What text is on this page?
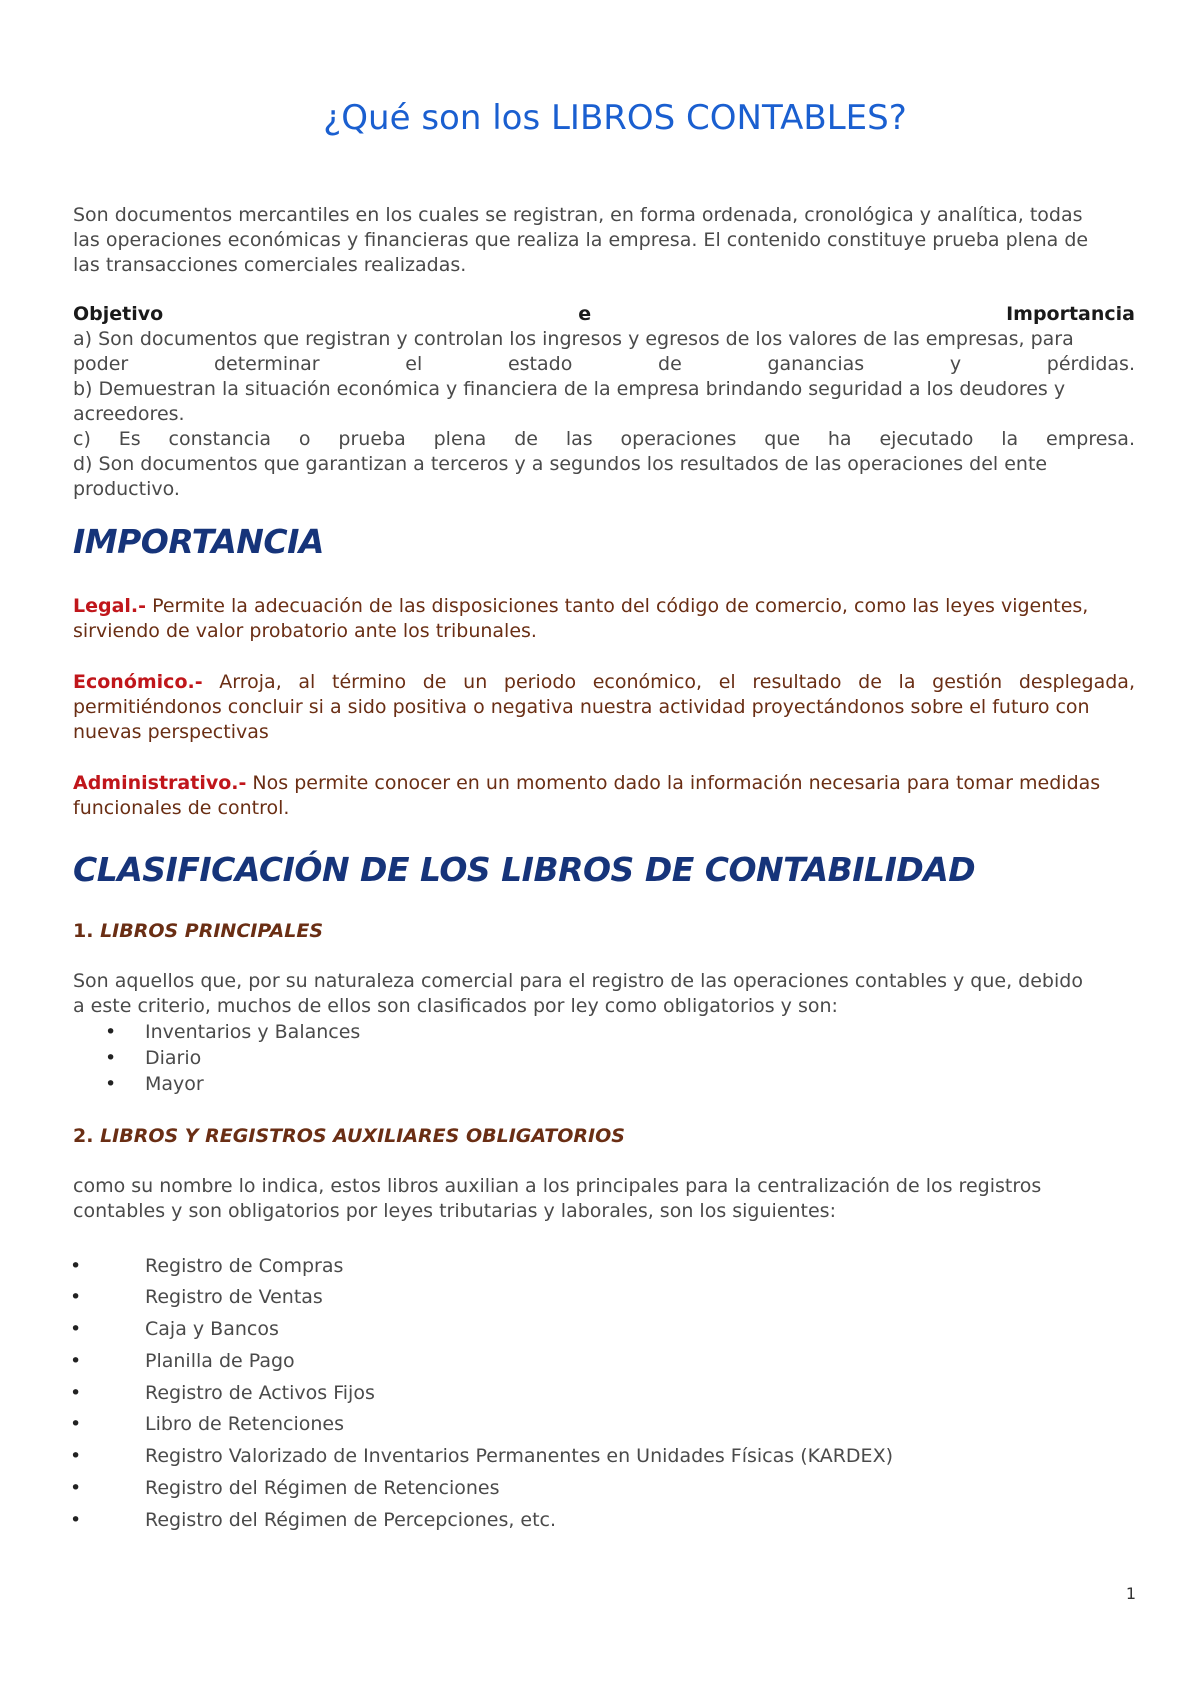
¿Qué son los LIBROS CONTABLES?
Son documentos mercantiles en los cuales se registran, en forma ordenada, cronológica y analítica, todas
las operaciones económicas y financieras que realiza la empresa. El contenido constituye prueba plena de
las transacciones comerciales realizadas.
Objetivo	e	Importancia
a) Son documentos que registran y controlan los ingresos y egresos de los valores de las empresas, para
poder determinar el estado de ganancias y pérdidas.
b) Demuestran la situación económica y financiera de la empresa brindando seguridad a los deudores y
acreedores.
c) Es constancia o prueba plena de las operaciones que ha ejecutado la empresa.
d) Son documentos que garantizan a terceros y a segundos los resultados de las operaciones del ente
productivo.
IMPORTANCIA
Legal.- Permite la adecuación de las disposiciones tanto del código de comercio, como las leyes vigentes,
sirviendo de valor probatorio ante los tribunales.
Económico.- Arroja, al término de un periodo económico, el resultado de la gestión desplegada,
permitiéndonos concluir si a sido positiva o negativa nuestra actividad proyectándonos sobre el futuro con
nuevas perspectivas
Administrativo.- Nos permite conocer en un momento dado la información necesaria para tomar medidas
funcionales de control.
CLASIFICACIÓN DE LOS LIBROS DE CONTABILIDAD
1. LIBROS PRINCIPALES
Son aquellos que, por su naturaleza comercial para el registro de las operaciones contables y que, debido
a este criterio, muchos de ellos son clasificados por ley como obligatorios y son:
•	Inventarios y Balances
•	Diario
•	Mayor
2. LIBROS Y REGISTROS AUXILIARES OBLIGATORIOS
como su nombre lo indica, estos libros auxilian a los principales para la centralización de los registros
contables y son obligatorios por leyes tributarias y laborales, son los siguientes:
•	Registro de Compras
•	Registro de Ventas
•	Caja y Bancos
•	Planilla de Pago
•	Registro de Activos Fijos
•	Libro de Retenciones
•	Registro Valorizado de Inventarios Permanentes en Unidades Físicas (KARDEX)
•	Registro del Régimen de Retenciones
•	Registro del Régimen de Percepciones, etc.
1
